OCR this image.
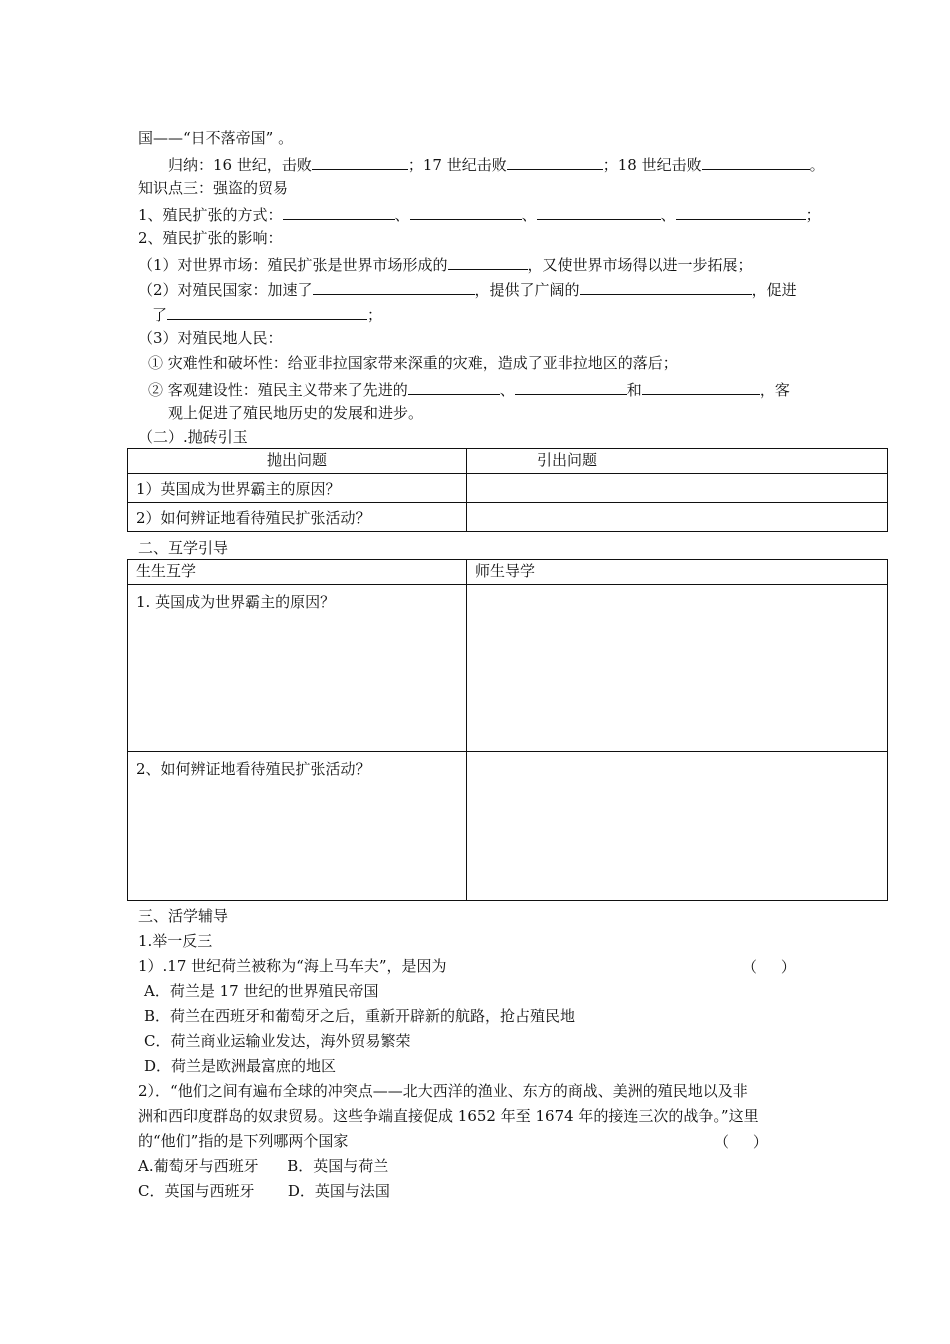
国——“日不落帝国” 。
归纳：16 世纪，击败	；17 世纪击败	；18 世纪击败	。
知识点三：强盗的贸易
1、殖民扩张的方式：	、	、	、	；
2、殖民扩张的影响：
（1）对世界市场：殖民扩张是世界市场形成的	，又使世界市场得以进一步拓展；
（2）对殖民国家：加速了	，提供了广阔的	，促进
了	；
（3）对殖民地人民：
① 灾难性和破坏性：给亚非拉国家带来深重的灾难，造成了亚非拉地区的落后；
② 客观建设性：殖民主义带来了先进的	、	和	，客
观上促进了殖民地历史的发展和进步。
（二）.抛砖引玉
抛出问题	引出问题
1）英国成为世界霸主的原因？	
2）如何辨证地看待殖民扩张活动？	
二、互学引导
生生互学	师生导学
1. 英国成为世界霸主的原因？	
2、如何辨证地看待殖民扩张活动？	
三、活学辅导
1.举一反三
1）.17 世纪荷兰被称为“海上马车夫”，是因为	（     ）
A．荷兰是 17 世纪的世界殖民帝国
B．荷兰在西班牙和葡萄牙之后，重新开辟新的航路，抢占殖民地
C．荷兰商业运输业发达，海外贸易繁荣
D．荷兰是欧洲最富庶的地区
2）．“他们之间有遍布全球的冲突点——北大西洋的渔业、东方的商战、美洲的殖民地以及非
洲和西印度群岛的奴隶贸易。这些争端直接促成 1652 年至 1674 年的接连三次的战争。”这里
的“他们”指的是下列哪两个国家	（     ）
A.葡萄牙与西班牙      B．英国与荷兰
C．英国与西班牙       D．英国与法国
